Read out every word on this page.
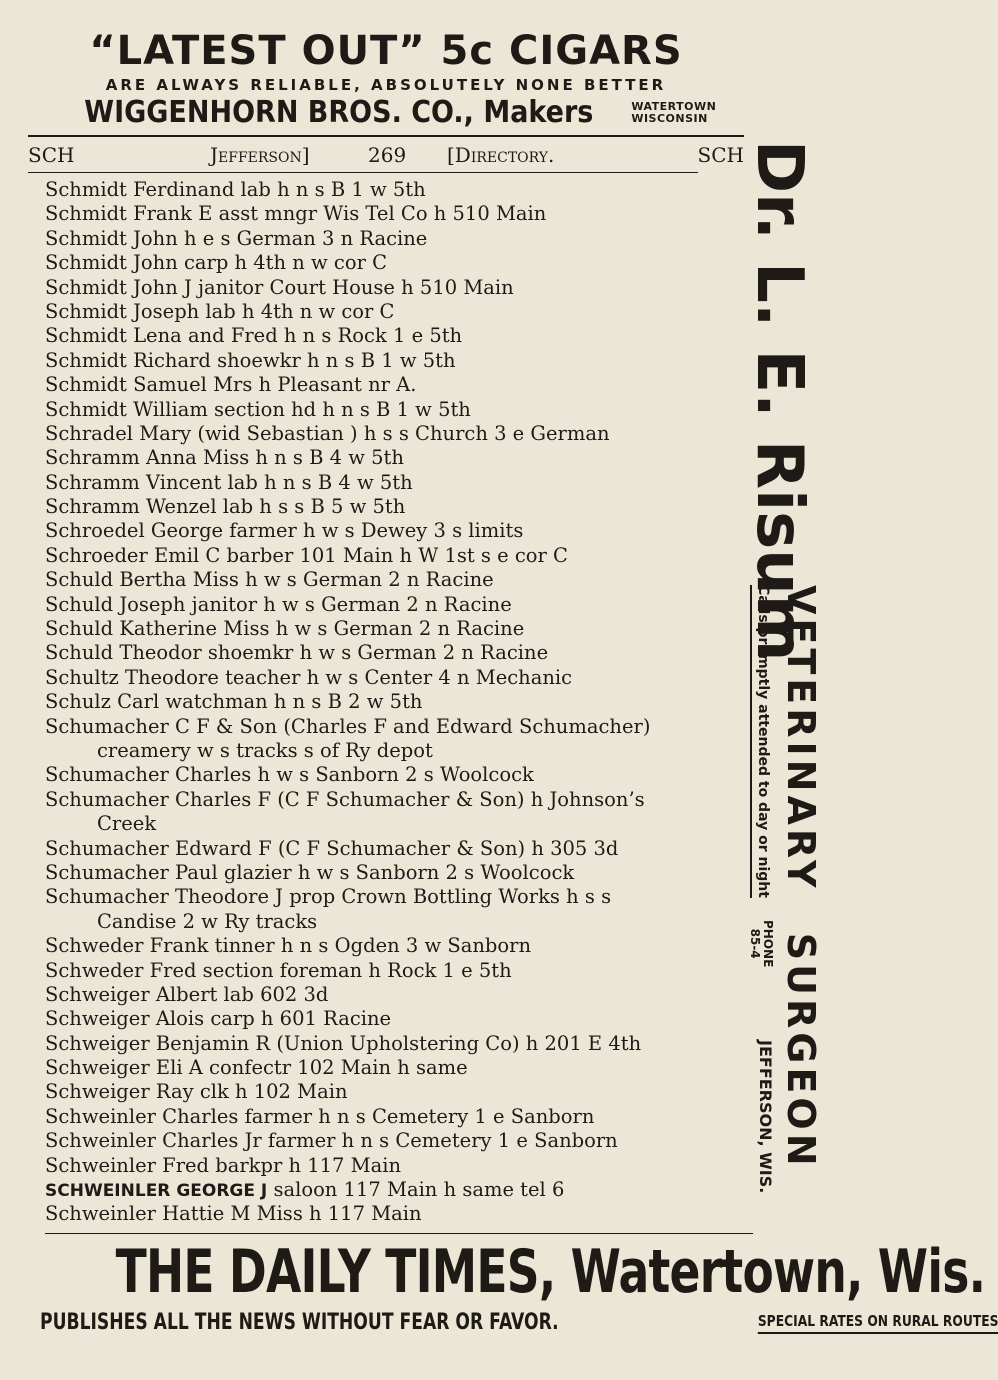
“LATEST OUT” 5c CIGARS
ARE ALWAYS RELIABLE, ABSOLUTELY NONE BETTER
WIGGENHORN BROS. CO., Makers	WATERTOWN
WISCONSIN
SCH	Jefferson]	269 [Directory.	SCH
Schmidt Ferdinand lab h n s B 1 w 5th
Schmidt Frank E asst mngr Wis Tel Co h 510 Main
Schmidt John h e s German 3 n Racine
Schmidt John carp h 4th n w cor C
Schmidt John J janitor Court House h 510 Main
Schmidt Joseph lab h 4th n w cor C
Schmidt Lena and Fred h n s Rock 1 e 5th
Schmidt Richard shoewkr h n s B 1 w 5th
Schmidt Samuel Mrs h Pleasant nr A.
Schmidt William section hd h n s B 1 w 5th
Schradel Mary (wid Sebastian ) h s s Church 3 e German
Schramm Anna Miss h n s B 4 w 5th
Schramm Vincent lab h n s B 4 w 5th
Schramm Wenzel lab h s s B 5 w 5th
Schroedel George farmer h w s Dewey 3 s limits
Schroeder Emil C barber 101 Main h W 1st s e cor C
Schuld Bertha Miss h w s German 2 n Racine
Schuld Joseph janitor h w s German 2 n Racine
Schuld Katherine Miss h w s German 2 n Racine
Schuld Theodor shoemkr h w s German 2 n Racine
Schultz Theodore teacher h w s Center 4 n Mechanic
Schulz Carl watchman h n s B 2 w 5th
Schumacher C F & Son (Charles F and Edward Schumacher)
creamery w s tracks s of Ry depot
Schumacher Charles h w s Sanborn 2 s Woolcock
Schumacher Charles F (C F Schumacher & Son) h Johnson’s
Creek
Schumacher Edward F (C F Schumacher & Son) h 305 3d
Schumacher Paul glazier h w s Sanborn 2 s Woolcock
Schumacher Theodore J prop Crown Bottling Works h s s
Candise 2 w Ry tracks
Schweder Frank tinner h n s Ogden 3 w Sanborn
Schweder Fred section foreman h Rock 1 e 5th
Schweiger Albert lab 602 3d
Schweiger Alois carp h 601 Racine
Schweiger Benjamin R (Union Upholstering Co) h 201 E 4th
Schweiger Eli A confectr 102 Main h same
Schweiger Ray clk h 102 Main
Schweinler Charles farmer h n s Cemetery 1 e Sanborn
Schweinler Charles Jr farmer h n s Cemetery 1 e Sanborn
Schweinler Fred barkpr h 117 Main
SCHWEINLER GEORGE J saloon 117 Main h same tel 6
Schweinler Hattie M Miss h 117 Main
Dr. L. E. Risum
VETERINARY SURGEON
Calls promptly attended to day or night
PHONE
85-4
JEFFERSON, WIS.
THE DAILY TIMES, Watertown, Wis.
PUBLISHES ALL THE NEWS WITHOUT FEAR OR FAVOR.	SPECIAL RATES ON RURAL ROUTES
